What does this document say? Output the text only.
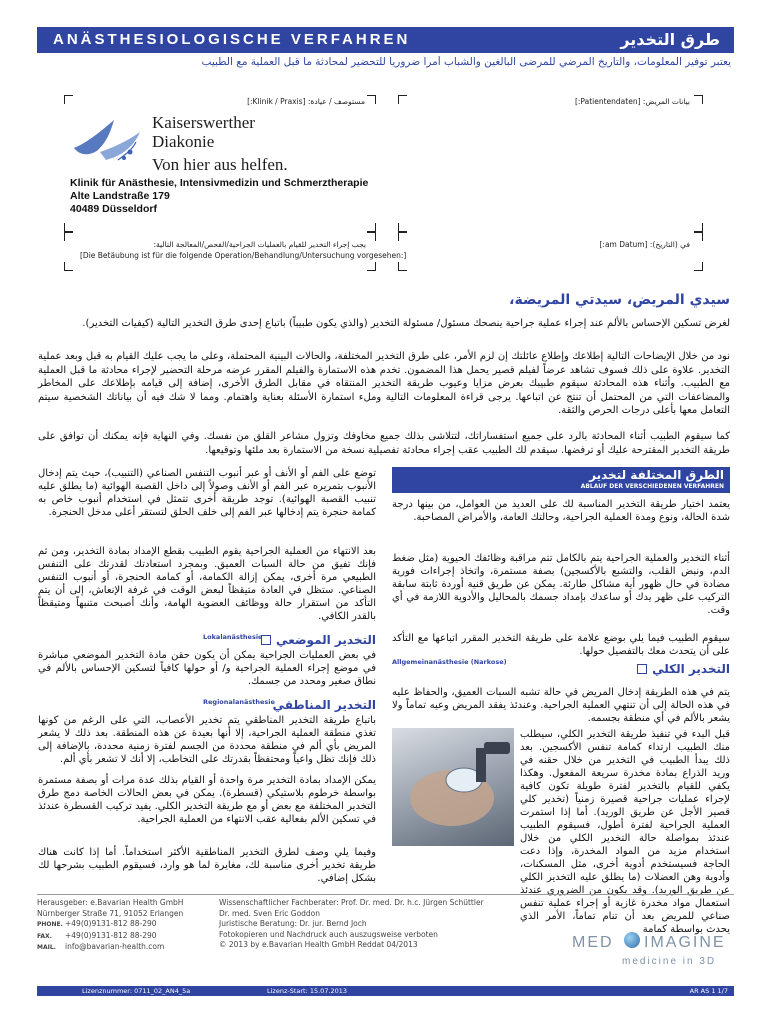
ANÄSTHESIOLOGISCHE VERFAHREN	طرق التخدير
يعتبر توفير المعلومات، والتاريخ المرضي للمرضى البالغين والشباب أمراً ضرورياً للتحضير لمحادثة ما قبل العملية مع الطبيب
مستوصف / عيادة: [Klinik / Praxis:]	بيانات المريض: [Patientendaten:]
Kaiserswerther
Diakonie
Von hier aus helfen.
Klinik für Anästhesie, Intensivmedizin und Schmerztherapie
Alte Landstraße 179
40489 Düsseldorf
يجب إجراء التخدير للقيام بالعمليات الجراحية/الفحص/المعالجة التالية:
[Die Betäubung ist für die folgende Operation/Behandlung/Untersuchung vorgesehen:]
في (التاريخ): [am Datum:]
سيدي المريض، سيدتي المريضة،
لغرض تسكين الإحساس بالألم عند إجراء عملية جراحية ينصحك مسئول/ مسئولة التخدير (والذي يكون طبيباً) باتباع إحدى طرق التخدير التالية (كيفيات التخدير).
نود من خلال الإيضاحات التالية إطلاعك وإطلاع عائلتك إن لزم الأمر، على طرق التخدير المختلفة، والحالات البينية المحتملة، وعلى ما يجب عليك القيام به قبل وبعد عملية التخدير. علاوة على ذلك فسوف تشاهد عرضاً لفيلم قصير يحمل هذا المضمون. تخدم هذه الاستمارة والفيلم المقرر عرضه مرحلة التحضير لإجراء محادثة ما قبل العملية مع الطبيب. وأثناء هذه المحادثة سيقوم طبيبك بعرض مزايا وعيوب طريقة التخدير المنتقاه في مقابل الطرق الأخرى، إضافة إلى قيامه بإطلاعك على المخاطر والمضاعفات التي من المحتمل أن تنتج عن اتباعها. يرجى قراءة المعلومات التالية وملء استمارة الأسئلة بعناية واهتمام. ومما لا شك فيه أن بياناتك الشخصية سيتم التعامل معها بأعلى درجات الحرص والثقة.
كما سيقوم الطبيب أثناء المحادثة بالرد على جميع استفساراتك، لتتلاشى بذلك جميع مخاوفك وتزول مشاعر القلق من نفسك. وفي النهاية فإنه يمكنك أن توافق على طريقة التخدير المقترحة عليك أو ترفضها. سيقدم لك الطبيب عقب إجراء محادثة تفصيلية نسخة من الاستمارة بعد ملئها وتوقيعها.
الطرق المختلفة لتخدير
ABLAUF DER VERSCHIEDENEN VERFAHREN
يعتمد اختيار طريقة التخدير المناسبة لك على العديد من العوامل، من بينها درجة شدة الحالة، ونوع ومدة العملية الجراحية، وحالتك العامة، والأمراض المصاحبة.
أثناء التخدير والعملية الجراحية يتم بالكامل تتم مراقبة وظائفك الحيوية (مثل ضغط الدم، ونبض القلب، والتشبع بالأكسجين) بصفة مستمرة، واتخاذ إجراءات فورية مضادة في حال ظهور أية مشاكل طارئة. يمكن عن طريق قنية أوردة ثابتة سابقة التركيب على ظهر يدك أو ساعدك بإمداد جسمك بالمحاليل والأدوية اللازمة في أي وقت.
سيقوم الطبيب فيما يلي بوضع علامة على طريقة التخدير المقرر اتباعها مع التأكد على أن يتحدث معك بالتفصيل حولها.
التخدير الكلي
Allgemeinanästhesie (Narkose)
يتم في هذه الطريقة إدخال المريض في حالة تشبه السبات العميق، والحفاظ عليه في هذه الحالة إلى أن تنتهي العملية الجراحية. وعندئذ يفقد المريض وعيه تماماً ولا يشعر بالألم في أي منطقة بجسمه.
قبل البدء في تنفيذ طريقة التخدير الكلي، سيطلب منك الطبيب ارتداء كمامة تنفس الأكسجين. بعد ذلك يبدأ الطبيب في التخدير من خلال حقنه في وريد الذراع بمادة مخدرة سريعة المفعول. وهكذا يكفي للقيام بالتخدير لفترة طويلة تكون كافية لإجراء عمليات جراحية قصيرة زمنياً (تخدير كلي قصير الأجل عن طريق الوريد). أما إذا استمرت العملية الجراحية لفترة أطول، فسيقوم الطبيب عندئذ بمواصلة حالة التخدير الكلي من خلال استخدام مزيد من المواد المخدرة، وإذا دعت الحاجة فسيستخدم أدوية أخرى، مثل المسكنات، وأدوية وهن العضلات (ما يطلق عليه التخدير الكلي عن طريق الوريد). وقد يكون من الضروري عندئذ استعمال مواد مخدرة غازية أو إجراء عملية تنفس صناعي للمريض بعد أن تنام تماماً، الأمر الذي يحدث بواسطة كمامة
توضع على الفم أو الأنف أو عبر أنبوب التنفس الصناعي (التنبيب)، حيث يتم إدخال الأنبوب بتمريره عبر الفم أو الأنف وصولاً إلى داخل القصبة الهوائية (ما يطلق عليه تنبيب القصبة الهوائية). توجد طريقة أخرى تتمثل في استخدام أنبوب خاص به كمامة حنجرة يتم إدخالها عبر الفم إلى خلف الحلق لتستقر أعلى مدخل الحنجرة.
بعد الانتهاء من العملية الجراحية يقوم الطبيب بقطع الإمداد بمادة التخدير، ومن ثم فإنك تفيق من حالة السبات العميق. وبمجرد استعادتك لقدرتك على التنفس الطبيعي مرة أخرى، يمكن إزالة الكمامة، أو كمامة الحنجرة، أو أنبوب التنفس الصناعي. ستظل في العادة متيقظاً لبعض الوقت في غرفة الإنعاش، إلى أن يتم التأكد من استقرار حالة ووظائف العضوية الهامة، وأنك أصبحت متنبهاً ومتيقظاً بالقدر الكافي.
التخدير الموضعي
Lokalanästhesie
في بعض العمليات الجراحية يمكن أن يكون حقن مادة التخدير الموضعي مباشرة في موضع إجراء العملية الجراحية و/ أو حولها كافياً لتسكين الإحساس بالألم في نطاق صغير ومحدد من جسمك.
التخدير المناطقي
Regionalanästhesie
باتباع طريقة التخدير المناطقي يتم تخدير الأعصاب، التي على الرغم من كونها تغذي منطقة العملية الجراحية، إلا أنها بعيدة عن هذه المنطقة. بعد ذلك لا يشعر المريض بأي ألم في منطقة محددة من الجسم لفترة زمنية محددة، بالإضافة إلى ذلك فإنك تظل واعياً ومحتفظاً بقدرتك على التخاطب، إلا أنك لا تشعر بأي ألم.
يمكن الإمداد بمادة التخدير مرة واحدة أو القيام بذلك عدة مرات أو بصفة مستمرة بواسطة خرطوم بلاستيكي (قسطرة). يمكن في بعض الحالات الخاصة دمج طرق التخدير المختلفة مع بعض أو مع طريقة التخدير الكلي. يفيد تركيب القسطرة عندئذ في تسكين الألم بفعالية عقب الانتهاء من العملية الجراحية.
وفيما يلي وصف لطرق التخدير المناطقية الأكثر استخداماً. أما إذا كانت هناك طريقة تخدير أخرى مناسبة لك، مغايرة لما هو وارد، فسيقوم الطبيب بشرحها لك بشكل إضافي.
Herausgeber: e.Bavarian Health GmbH
Nürnberger Straße 71, 91052 Erlangen
PHONE. +49(0)9131-812 88-290
FAX. +49(0)9131-812 88-290
MAIL. info@bavarian-health.com
Wissenschaftlicher Fachberater: Prof. Dr. med. Dr. h.c. Jürgen Schüttler
Dr. med. Sven Eric Goddon
Juristische Beratung: Dr. jur. Bernd Joch
Fotokopieren und Nachdruck auch auszugsweise verboten
© 2013 by e.Bavarian Health GmbH Reddat 04/2013	MED IMAGINE
medicine in 3D
Lizenznummer: 0711_02_AN4_5a	Lizenz-Start: 15.07.2013	AR AS 1 1/7
